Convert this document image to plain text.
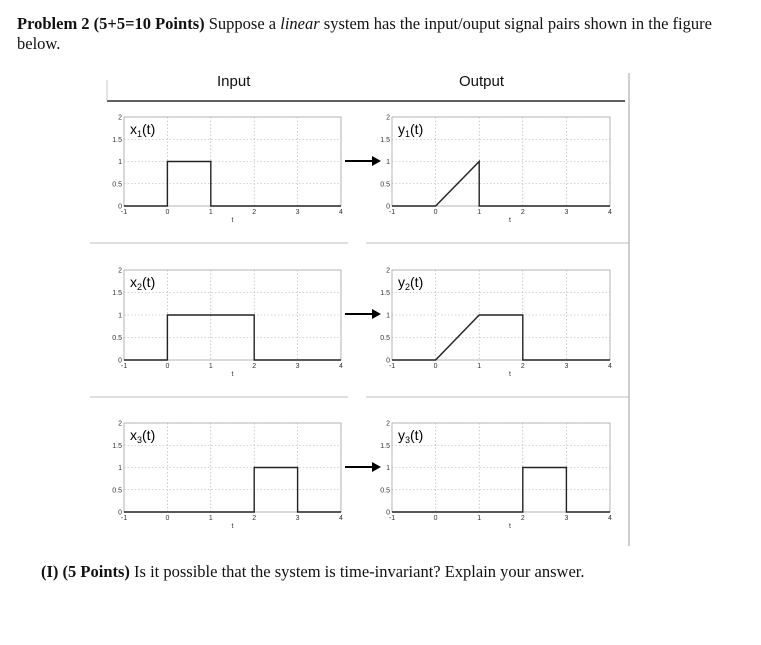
Problem 2 (5+5=10 Points) Suppose a linear system has the input/ouput signal pairs shown in the figure below.
Input	Output
0
0.5
1
1.5
2
-1	0	1	2	3	4
t
$x_1(t)$
0
0.5
1
1.5
2
-1	0	1	2	3	4
t
$y_1(t)$
0
0.5
1
1.5
2
-1	0	1	2	3	4
t
$x_2(t)$
0
0.5
1
1.5
2
-1	0	1	2	3	4
t
$y_2(t)$
0
0.5
1
1.5
2
-1	0	1	2	3	4
t
$x_3(t)$
0
0.5
1
1.5
2
-1	0	1	2	3	4
t
$y_3(t)$
(I) (5 Points) Is it possible that the system is time-invariant? Explain your answer.
